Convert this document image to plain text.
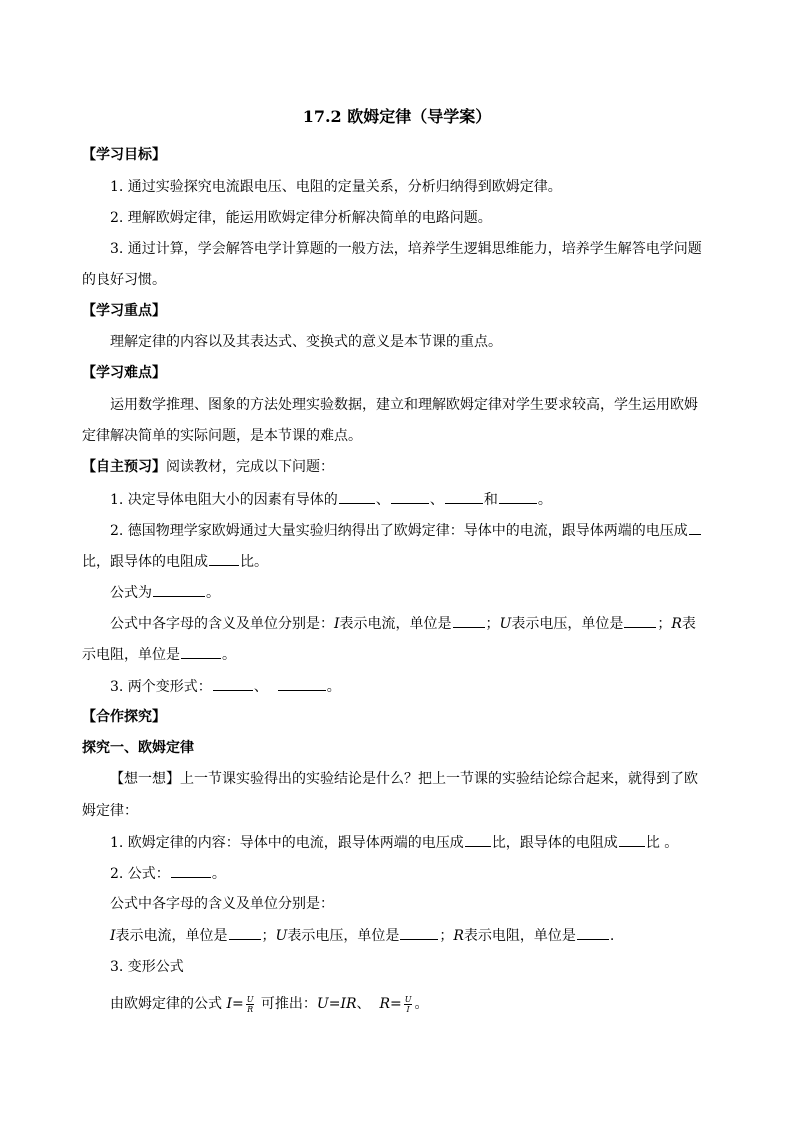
17.2 欧姆定律（导学案）
【学习目标】
1. 通过实验探究电流跟电压、电阻的定量关系，分析归纳得到欧姆定律。
2. 理解欧姆定律，能运用欧姆定律分析解决简单的电路问题。
3. 通过计算，学会解答电学计算题的一般方法，培养学生逻辑思维能力，培养学生解答电学问题
的良好习惯。
【学习重点】
理解定律的内容以及其表达式、变换式的意义是本节课的重点。
【学习难点】
运用数学推理、图象的方法处理实验数据，建立和理解欧姆定律对学生要求较高，学生运用欧姆
定律解决简单的实际问题，是本节课的难点。
【自主预习】阅读教材，完成以下问题：
1. 决定导体电阻大小的因素有导体的	、	、	和	。
2. 德国物理学家欧姆通过大量实验归纳得出了欧姆定律：导体中的电流，跟导体两端的电压成
比，跟导体的电阻成 比。
公式为	。
公式中各字母的含义及单位分别是：I表示电流，单位是 ；U表示电压，单位是 ；R表
示电阻，单位是	。
3. 两个变形式：	、	。
【合作探究】
探究一、欧姆定律
【想一想】上一节课实验得出的实验结论是什么？把上一节课的实验结论综合起来，就得到了欧
姆定律：
1. 欧姆定律的内容：导体中的电流，跟导体两端的电压成 比，跟导体的电阻成 比 。
2. 公式：	。
公式中各字母的含义及单位分别是：
I表示电流，单位是 ；U表示电压，单位是	；R表示电阻，单位是 .
3. 变形公式
由欧姆定律的公式 $I= \frac{U}{R}$ 可推出：U=IR、 $R= \frac{U}{I}$ 。
